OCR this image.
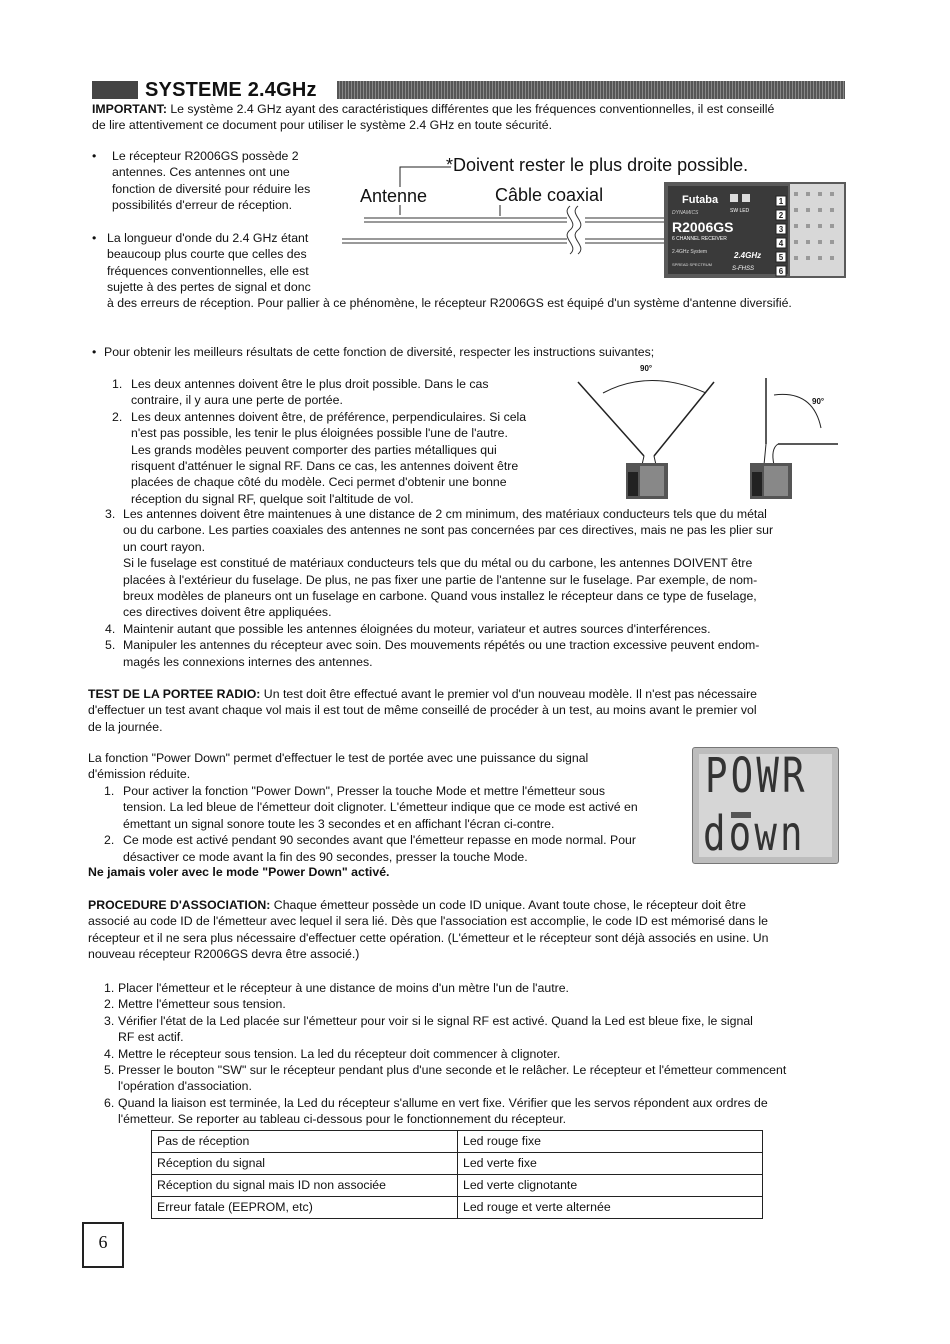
SYSTEME 2.4GHz

IMPORTANT: Le système 2.4 GHz ayant des caractéristiques différentes que les fréquences conventionnelles, il est conseillé

de lire attentivement ce document pour utiliser le système 2.4 GHz en toute sécurité.

• Le récepteur R2006GS possède 2

antennes. Ces antennes ont une

fonction de diversité pour réduire les

possibilités d'erreur de réception.

• La longueur d'onde du 2.4 GHz étant

beaucoup plus courte que celles des

fréquences conventionnelles, elle est

sujette à des pertes de signal et donc

à des erreurs de réception. Pour pallier à ce phénomène, le récepteur R2006GS est équipé d'un système d'antenne diversifié.
*Doivent rester le plus droite possible.
Antenne	Câble coaxial	Futaba
SW LED
DYNAMICS
R2006GS
6 CHANNEL RECEIVER
2.4GHz System
SPREAD SPECTRUM
2.4GHz
S-FHSS
1
2
3
4
5
6
• Pour obtenir les meilleurs résultats de cette fonction de diversité, respecter les instructions suivantes;

90°
90°
1. Les deux antennes doivent être le plus droit possible. Dans le cas

contraire, il y aura une perte de portée.

2. Les deux antennes doivent être, de préférence, perpendiculaires. Si cela

n'est pas possible, les tenir le plus éloignées possible l'une de l'autre.

Les grands modèles peuvent comporter des parties métalliques qui

risquent d'atténuer le signal RF. Dans ce cas, les antennes doivent être

placées de chaque côté du modèle. Ceci permet d'obtenir une bonne

réception du signal RF, quelque soit l'altitude de vol.

3. Les antennes doivent être maintenues à une distance de 2 cm minimum, des matériaux conducteurs tels que du métal

ou du carbone. Les parties coaxiales des antennes ne sont pas concernées par ces directives, mais ne pas les plier sur

un court rayon.

Si le fuselage est constitué de matériaux conducteurs tels que du métal ou du carbone, les antennes DOIVENT être

placées à l'extérieur du fuselage. De plus, ne pas fixer une partie de l'antenne sur le fuselage. Par exemple, de nom-

breux modèles de planeurs ont un fuselage en carbone. Quand vous installez le récepteur dans ce type de fuselage,

ces directives doivent être appliquées.

4. Maintenir autant que possible les antennes éloignées du moteur, variateur et autres sources d'interférences.

5. Manipuler les antennes du récepteur avec soin. Des mouvements répétés ou une traction excessive peuvent endom-

magés les connexions internes des antennes.

TEST DE LA PORTEE RADIO: Un test doit être effectué avant le premier vol d'un nouveau modèle. Il n'est pas nécessaire

d'effectuer un test avant chaque vol mais il est tout de même conseillé de procéder à un test, au moins avant le premier vol

de la journée.

La fonction "Power Down" permet d'effectuer le test de portée avec une puissance du signal

d'émission réduite.

1. Pour activer la fonction "Power Down", Presser la touche Mode et mettre l'émetteur sous

tension. La led bleue de l'émetteur doit clignoter. L'émetteur indique que ce mode est activé en

émettant un signal sonore toute les 3 secondes et en affichant l'écran ci-contre.

2. Ce mode est activé pendant 90 secondes avant que l'émetteur repasse en mode normal. Pour

désactiver ce mode avant la fin des 90 secondes, presser la touche Mode.

Ne jamais voler avec le mode "Power Down" activé.
POWR
down

PROCEDURE D'ASSOCIATION: Chaque émetteur possède un code ID unique. Avant toute chose, le récepteur doit être

associé au code ID de l'émetteur avec lequel il sera lié. Dès que l'association est accomplie, le code ID est mémorisé dans le

récepteur et il ne sera plus nécessaire d'effectuer cette opération. (L'émetteur et le récepteur sont déjà associés en usine. Un

nouveau récepteur R2006GS devra être associé.)

1. Placer l'émetteur et le récepteur à une distance de moins d'un mètre l'un de l'autre.

2. Mettre l'émetteur sous tension.

3. Vérifier l'état de la Led placée sur l'émetteur pour voir si le signal RF est activé. Quand la Led est bleue fixe, le signal

RF est actif.

4. Mettre le récepteur sous tension. La led du récepteur doit commencer à clignoter.

5. Presser le bouton "SW" sur le récepteur pendant plus d'une seconde et le relâcher. Le récepteur et l'émetteur commencent

l'opération d'association.

6. Quand la liaison est terminée, la Led du récepteur s'allume en vert fixe. Vérifier que les servos répondent aux ordres de

l'émetteur. Se reporter au tableau ci-dessous pour le fonctionnement du récepteur.

Pas de réception	Led rouge fixe
Réception du signal	Led verte fixe
Réception du signal mais ID non associée	Led verte clignotante
Erreur fatale (EEPROM, etc)	Led rouge et verte alternée
6
